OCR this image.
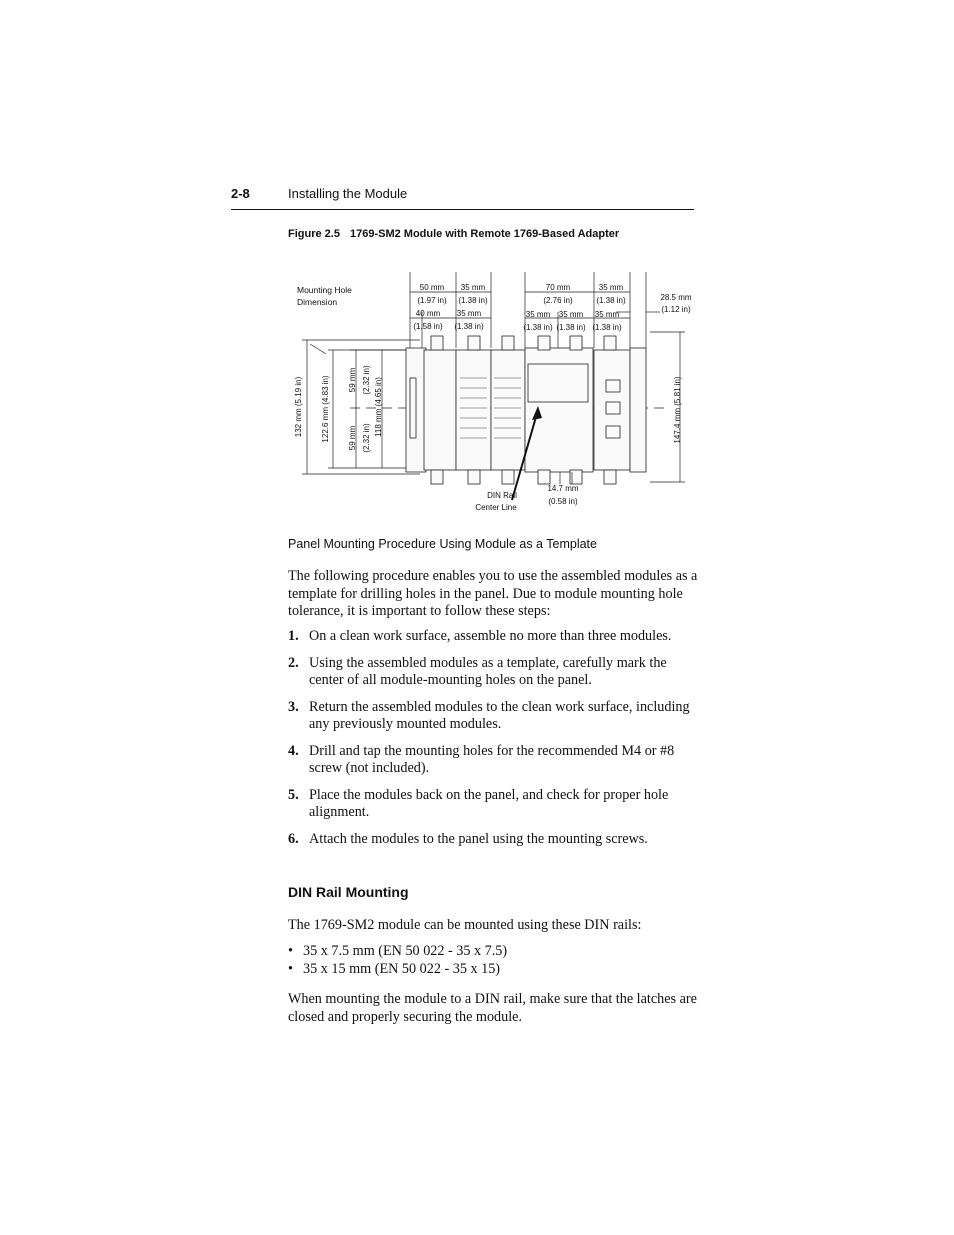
2-8	Installing the Module
Figure 2.5 1769-SM2 Module with Remote 1769-Based Adapter
Mounting Hole
Dimension
50 mm
(1.97 in)
40 mm
(1.58 in)
35 mm
(1.38 in)
35 mm
(1.38 in)
70 mm
(2.76 in)
35 mm
(1.38 in)
35 mm
(1.38 in)
35 mm
(1.38 in)
35 mm
(1.38 in)
28.5 mm
(1.12 in)
132 mm (5.19 in) 122.6 mm (4.83 in) 59 mm (2.32 in)
59 mm (2.32 in)
118 mm (4.65 in)	147.4 mm (5.81 in)
DIN Rail
Center Line
14.7 mm
(0.58 in)
Panel Mounting Procedure Using Module as a Template

The following procedure enables you to use the assembled modules as a template for drilling holes in the panel. Due to module mounting hole tolerance, it is important to follow these steps:

1. On a clean work surface, assemble no more than three modules.
2. Using the assembled modules as a template, carefully mark the center of all module-mounting holes on the panel.
3. Return the assembled modules to the clean work surface, including any previously mounted modules.
4. Drill and tap the mounting holes for the recommended M4 or #8 screw (not included).
5. Place the modules back on the panel, and check for proper hole alignment.
6. Attach the modules to the panel using the mounting screws.
DIN Rail Mounting

The 1769-SM2 module can be mounted using these DIN rails:

• 35 x 7.5 mm (EN 50 022 - 35 x 7.5)
• 35 x 15 mm (EN 50 022 - 35 x 15)

When mounting the module to a DIN rail, make sure that the latches are closed and properly securing the module.
